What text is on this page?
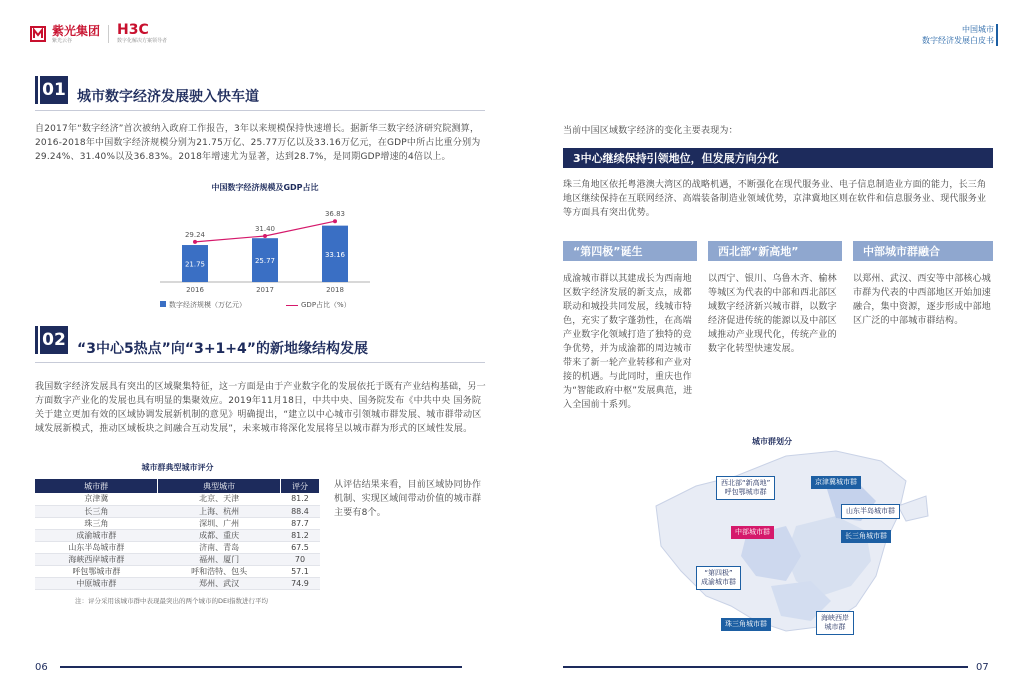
紫光集团
紫光云谷
H3C
数字化解决方案领导者
01 城市数字经济发展驶入快车道
自2017年“数字经济”首次被纳入政府工作报告，3年以来规模保持快速增长。据新华三数字经济研究院测算，2016-2018年中国数字经济规模分别为21.75万亿、25.77万亿以及33.16万亿元，在GDP中所占比重分别为29.24%、31.40%以及36.83%。2018年增速尤为显著，达到28.7%，是同期GDP增速的4倍以上。
中国数字经济规模及GDP占比
21.75
2016
25.77
2017
33.16
2018
29.24
31.40
36.83
数字经济规模（万亿元）	GDP占比（%）
02 “3中心5热点”向“3+1+4”的新地缘结构发展
我国数字经济发展具有突出的区域聚集特征，这一方面是由于产业数字化的发展依托于既有产业结构基础，另一方面数字产业化的发展也具有明显的集聚效应。2019年11月18日，中共中央、国务院发布《中共中央 国务院关于建立更加有效的区域协调发展新机制的意见》明确提出，“建立以中心城市引领城市群发展、城市群带动区域发展新模式，推动区域板块之间融合互动发展”，未来城市将深化发展将呈以城市群为形式的区域性发展。
城市群典型城市评分
城市群	典型城市	评分
京津冀	北京、天津	81.2
长三角	上海、杭州	88.4
珠三角	深圳、广州	87.7
成渝城市群	成都、重庆	81.2
山东半岛城市群	济南、青岛	67.5
海峡西岸城市群	福州、厦门	70
呼包鄂城市群	呼和浩特、包头	57.1
中原城市群	郑州、武汉	74.9
注：评分采用该城市群中表现最突出的两个城市的DEI指数进行平均
从评估结果来看，目前区域协同协作机制、实现区域间带动价值的城市群主要有8个。
中国城市
数字经济发展白皮书
当前中国区域数字经济的变化主要表现为：
3中心继续保持引领地位，但发展方向分化
珠三角地区依托粤港澳大湾区的战略机遇，不断强化在现代服务业、电子信息制造业方面的能力，长三角地区继续保持在互联网经济、高端装备制造业领域优势，京津冀地区则在软件和信息服务业、现代服务业等方面具有突出优势。
“第四极”诞生	西北部“新高地”	中部城市群融合
成渝城市群以其建成长为西南地区数字经济发展的新支点，成都联动和城投共同发展，线城市特色，充实了数字蓬勃性，在高端产业数字化领域打造了独特的竞争优势，并为成渝都的周边城市带来了新一轮产业转移和产业对接的机遇。与此同时，重庆也作为“智能政府中枢”发展典范，进入全国前十系列。
以西宁、银川、乌鲁木齐、榆林等城区为代表的中部和西北部区域数字经济新兴城市群，以数字经济促进传统的能源以及中部区域推动产业现代化，传统产业的数字化转型快速发展。
以郑州、武汉、西安等中部核心城市群为代表的中西部地区开始加速融合，集中资源，逐步形成中部地区广泛的中部城市群结构。
城市群划分
西北部“新高地”
呼包鄂城市群
京津冀城市群
山东半岛城市群
中部城市群	长三角城市群
“第四极”
成渝城市群
海峡西岸
城市群
珠三角城市群
06	07
